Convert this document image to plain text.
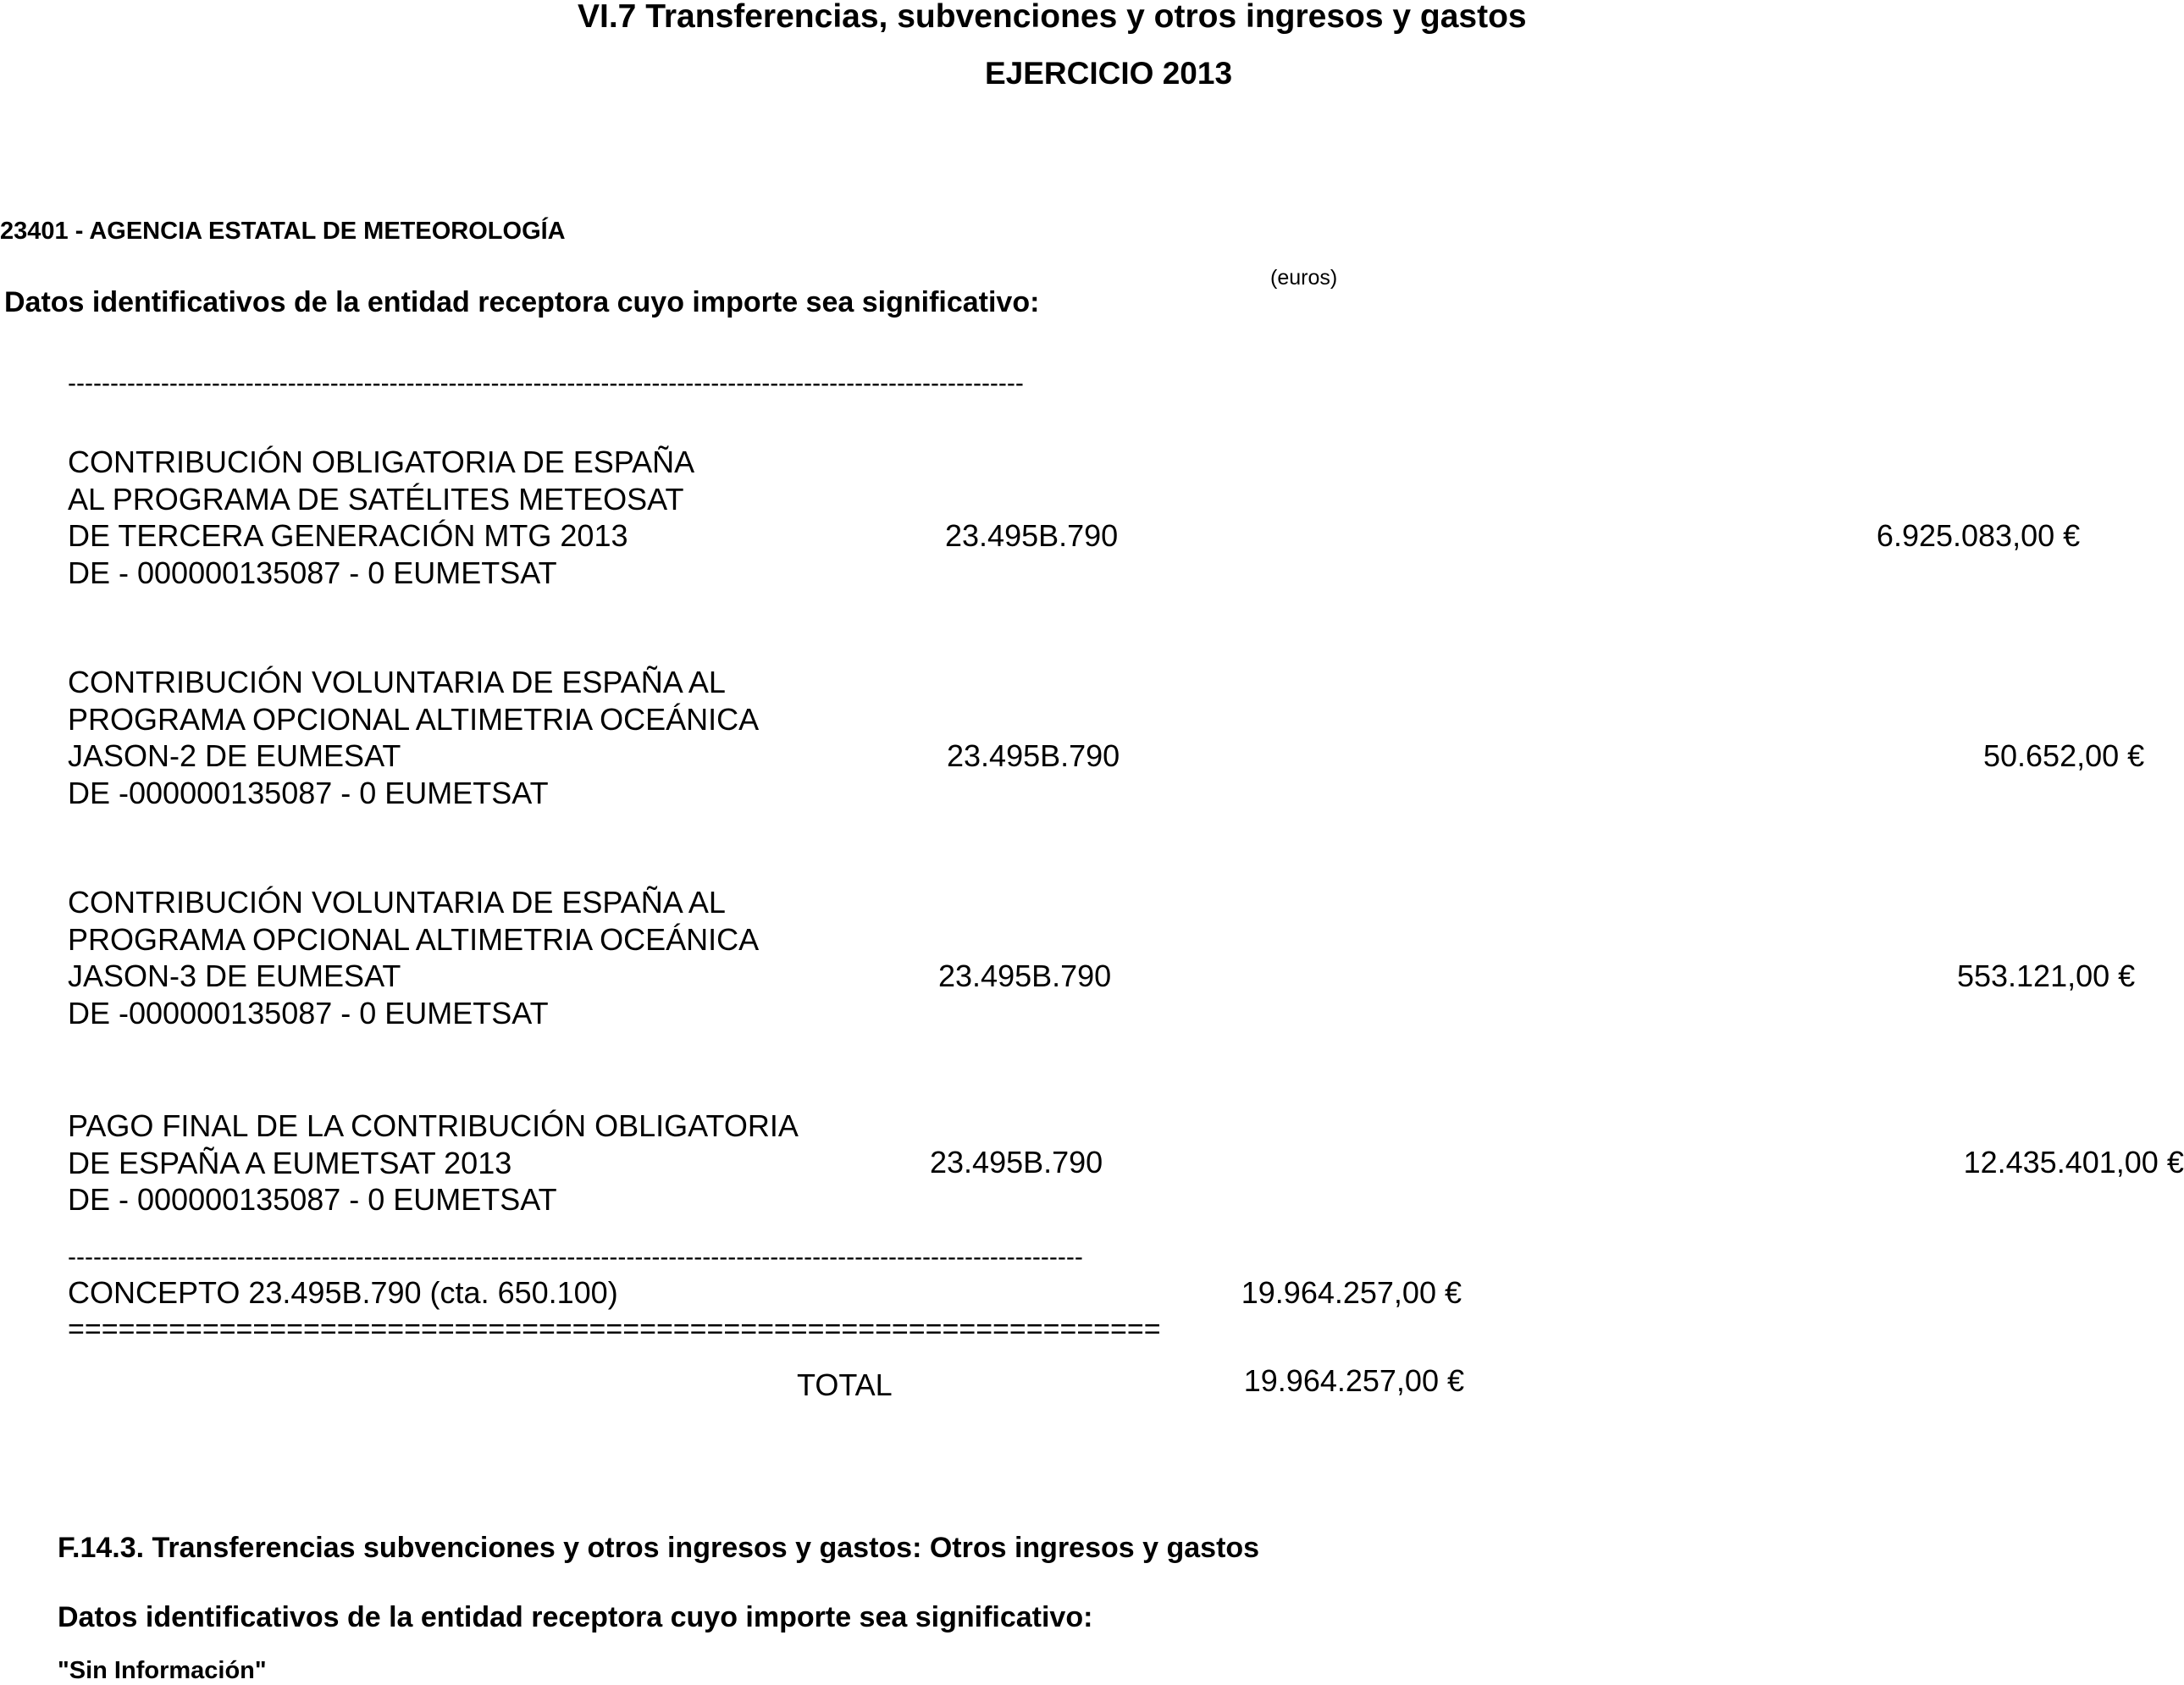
VI.7 Transferencias, subvenciones y otros ingresos y gastos
EJERCICIO 2013
23401 - AGENCIA ESTATAL DE METEOROLOGÍA
(euros)
Datos identificativos de la entidad receptora cuyo importe sea significativo:
-----------------------------------------------------------------------------------------------------------------
CONTRIBUCIÓN OBLIGATORIA DE ESPAÑA
AL PROGRAMA DE SATÉLITES METEOSAT
DE TERCERA GENERACIÓN MTG 2013
DE - 000000135087 - 0 EUMETSAT
23.495B.790	6.925.083,00 €
CONTRIBUCIÓN VOLUNTARIA DE ESPAÑA AL
PROGRAMA OPCIONAL ALTIMETRIA OCEÁNICA
JASON-2 DE EUMESAT
DE -000000135087 - 0 EUMETSAT
23.495B.790	50.652,00 €
CONTRIBUCIÓN VOLUNTARIA DE ESPAÑA AL
PROGRAMA OPCIONAL ALTIMETRIA OCEÁNICA
JASON-3 DE EUMESAT
DE -000000135087 - 0 EUMETSAT
23.495B.790	553.121,00 €
PAGO FINAL DE LA CONTRIBUCIÓN OBLIGATORIA
DE ESPAÑA A EUMETSAT 2013
DE - 000000135087 - 0 EUMETSAT
23.495B.790	12.435.401,00 €
------------------------------------------------------------------------------------------------------------------------
CONCEPTO 23.495B.790 (cta. 650.100)	19.964.257,00 €
=================================================================
TOTAL	19.964.257,00 €
F.14.3. Transferencias subvenciones y otros ingresos y gastos: Otros ingresos y gastos
Datos identificativos de la entidad receptora cuyo importe sea significativo:
"Sin Información"
